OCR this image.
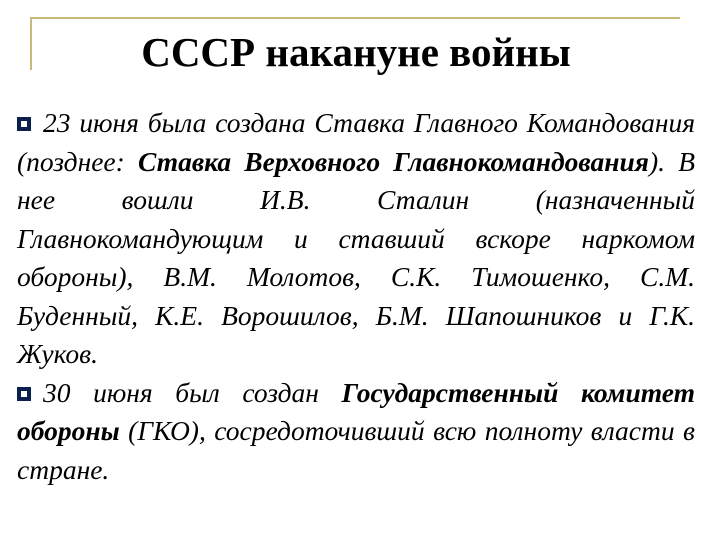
СССР накануне войны

23 июня была создана Ставка Главного Командования (позднее: Ставка Верховного Главнокомандования). В нее вошли И.В. Сталин (назначенный Главнокомандующим и ставший вскоре наркомом обороны), В.М. Молотов, С.К. Тимошенко, С.М. Буденный, К.Е. Ворошилов, Б.М. Шапошников и Г.К. Жуков.

30 июня был создан Государственный комитет обороны (ГКО), сосредоточивший всю полноту власти в стране.
